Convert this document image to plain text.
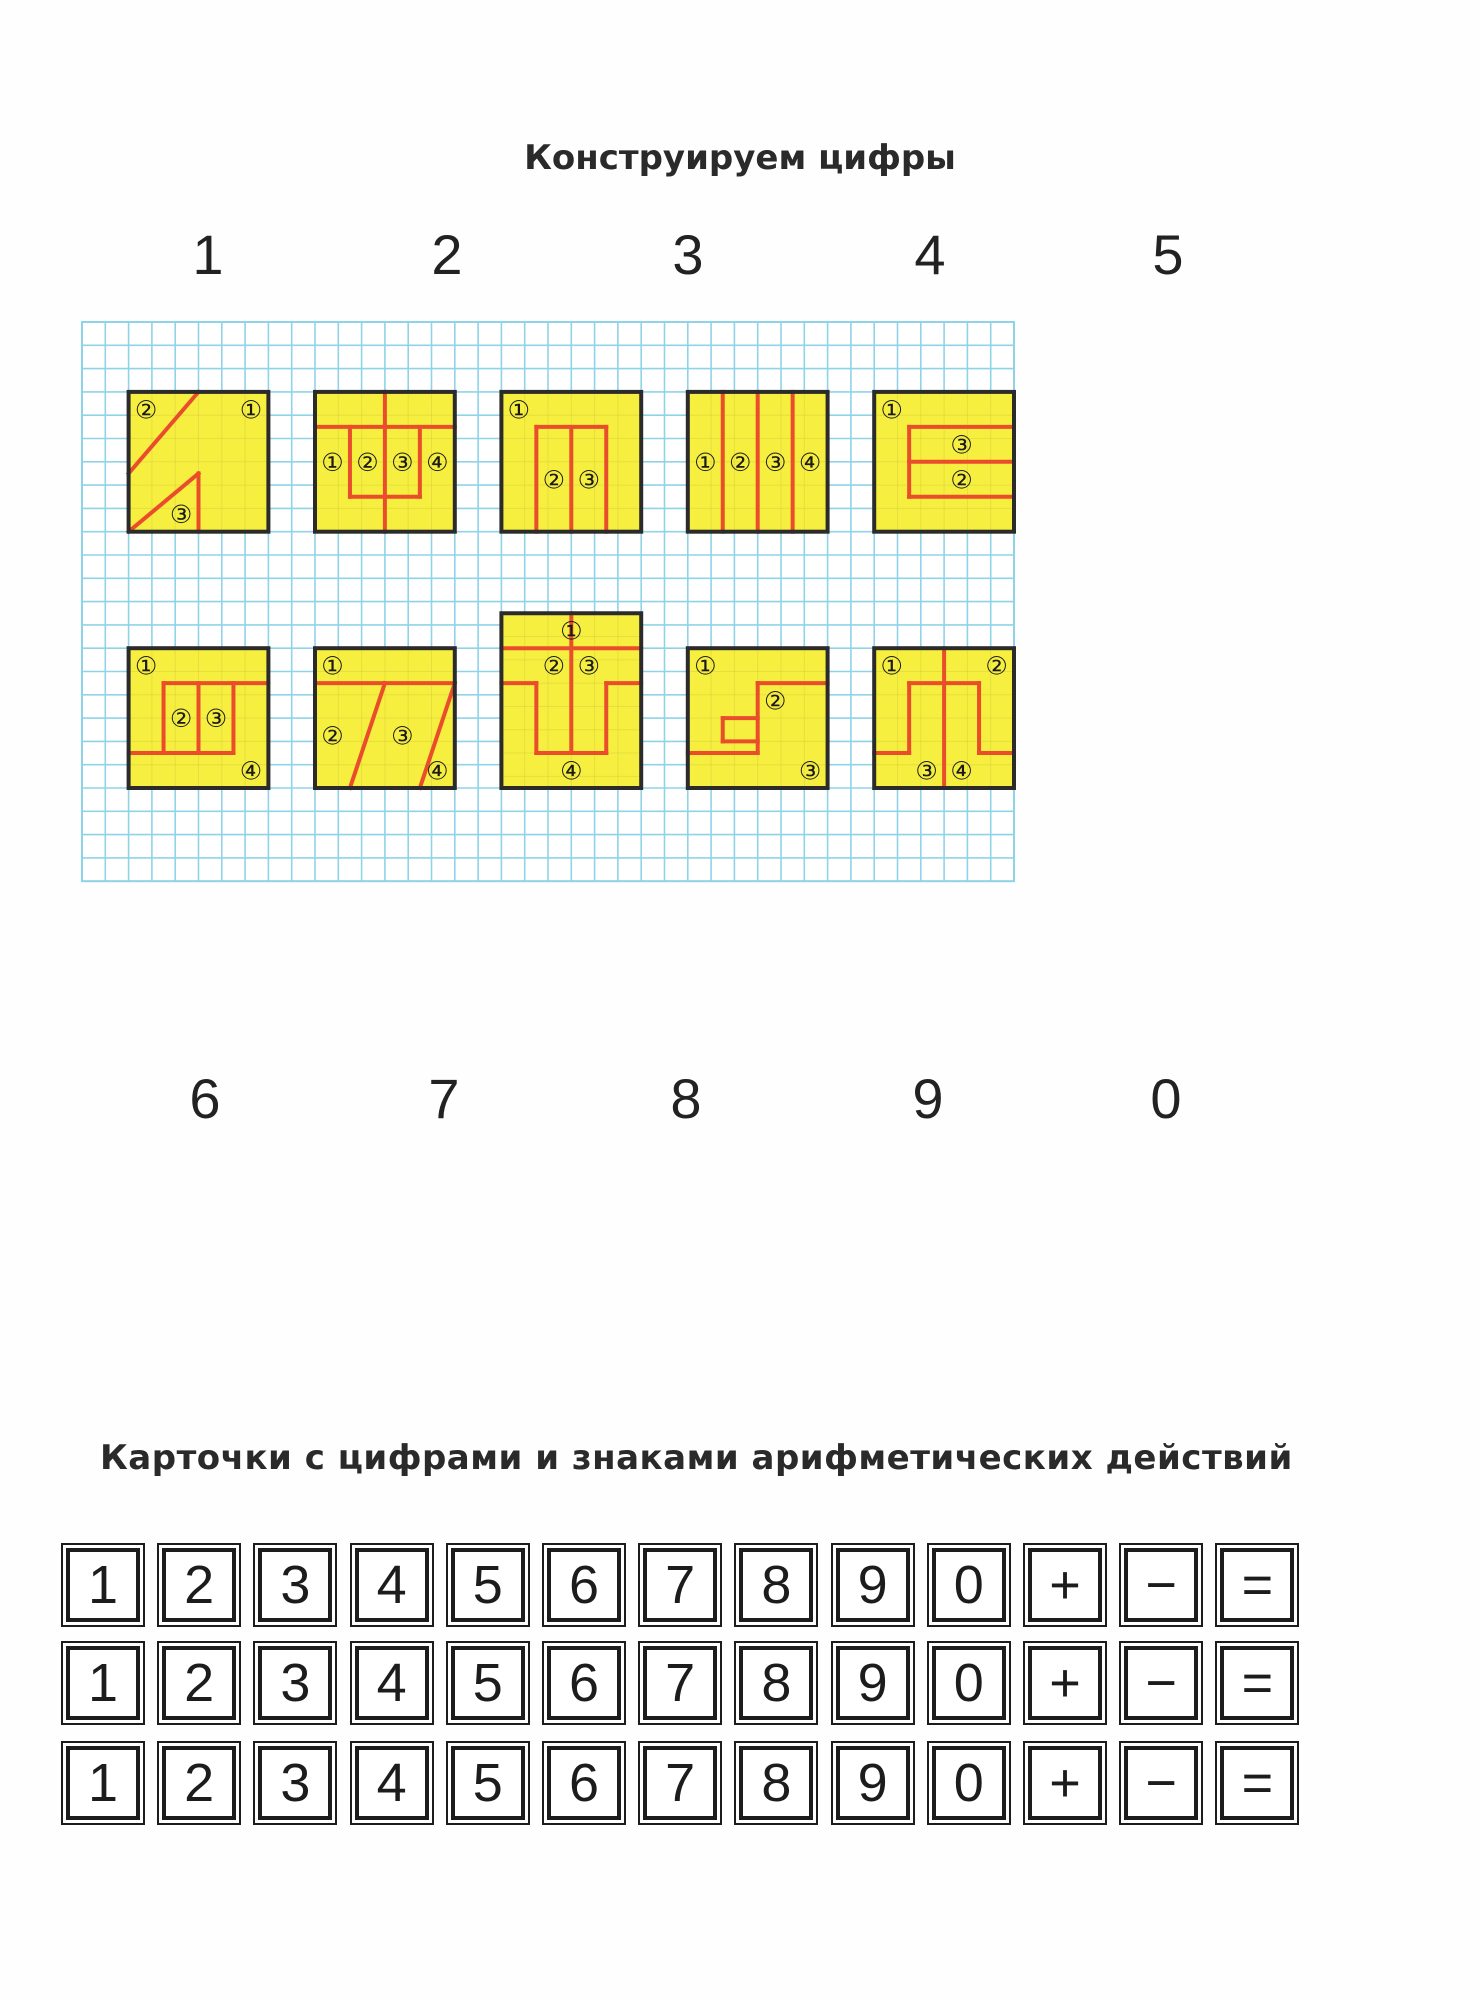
Конструируем цифры
1	2	3	4	5
②	①
③
① ② ③ ④
①
② ③
① ② ③ ④
①
③
②
①
② ③
④
①
② ③
④
①
② ③
④
①
②
③
①	②
③ ④
6	7	8	9	0
Карточки с цифрами и знаками арифметических действий
1	2	3	4	5	6	7	8	9	0	+	−	=
1	2	3	4	5	6	7	8	9	0	+	−	=
1	2	3	4	5	6	7	8	9	0	+	−	=
